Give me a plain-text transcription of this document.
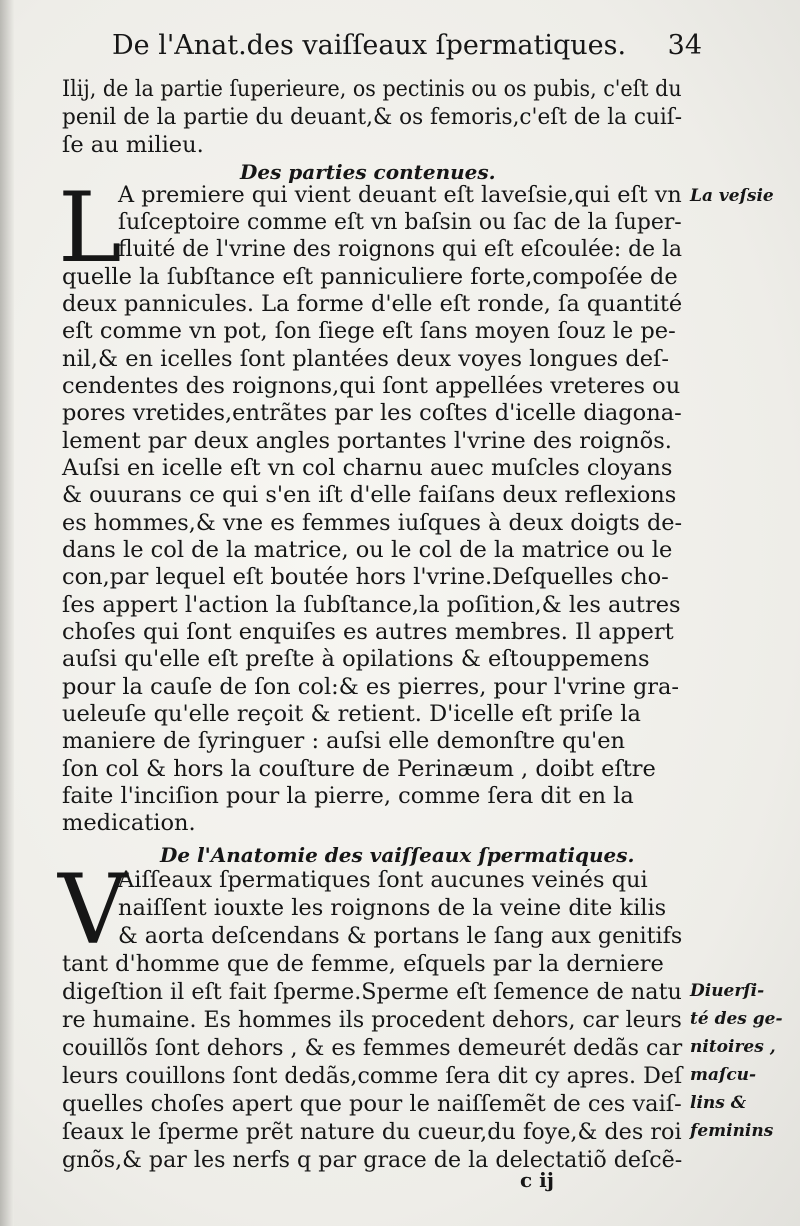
De l'Anat.des vaiſſeaux ſpermatiques. 34
Ilij, de la partie ſuperieure, os pectinis ou os pubis, c'eſt du
penil de la partie du deuant,& os femoris,c'eſt de la cuiſ-
ſe au milieu.
Des parties contenues.
L
A premiere qui vient deuant eſt laveſsie,qui eſt vn
ſuſceptoire comme eſt vn baſsin ou ſac de la ſuper-
fluité de l'vrine des roignons qui eſt eſcoulée: de la
quelle la ſubſtance eſt panniculiere forte,compoſée de
deux pannicules. La forme d'elle eſt ronde, ſa quantité
eſt comme vn pot, ſon ſiege eſt ſans moyen ſouz le pe-
nil,& en icelles ſont plantées deux voyes longues deſ-
cendentes des roignons,qui ſont appellées vreteres ou
pores vretides,entrãtes par les coſtes d'icelle diagona-
lement par deux angles portantes l'vrine des roignõs.
Auſsi en icelle eſt vn col charnu auec muſcles cloyans
& ouurans ce qui s'en iſt d'elle faiſans deux reflexions
es hommes,& vne es femmes iuſques à deux doigts de-
dans le col de la matrice, ou le col de la matrice ou le
con,par lequel eſt boutée hors l'vrine.Deſquelles cho-
ſes appert l'action la ſubſtance,la poſition,& les autres
choſes qui ſont enquiſes es autres membres. Il appert
auſsi qu'elle eſt preſte à opilations & eſtouppemens
pour la cauſe de ſon col:& es pierres, pour l'vrine gra-
ueleuſe qu'elle reçoit & retient. D'icelle eſt priſe la
maniere de ſyringuer : auſsi elle demonſtre qu'en
ſon col & hors la couſture de Perinæum , doibt eſtre
faite l'inciſion pour la pierre, comme ſera dit en la
medication.
De l'Anatomie des vaiſſeaux ſpermatiques.
V
Aiſſeaux ſpermatiques ſont aucunes veinés qui
naiſſent iouxte les roignons de la veine dite kilis
& aorta deſcendans & portans le ſang aux genitifs
tant d'homme que de femme, eſquels par la derniere
digeſtion il eſt fait ſperme.Sperme eſt ſemence de natu
re humaine. Es hommes ils procedent dehors, car leurs
couillõs ſont dehors , & es femmes demeurét dedãs car
leurs couillons ſont dedãs,comme ſera dit cy apres. Deſ
quelles choſes apert que pour le naiſſemẽt de ces vaiſ-
ſeaux le ſperme prẽt nature du cueur,du foye,& des roi
gnõs,& par les nerfs q par grace de la delectatiõ deſcẽ-
La veſsie
Diuerſi-
té des ge-
nitoires ,
maſcu-
lins &
feminins
c ij
